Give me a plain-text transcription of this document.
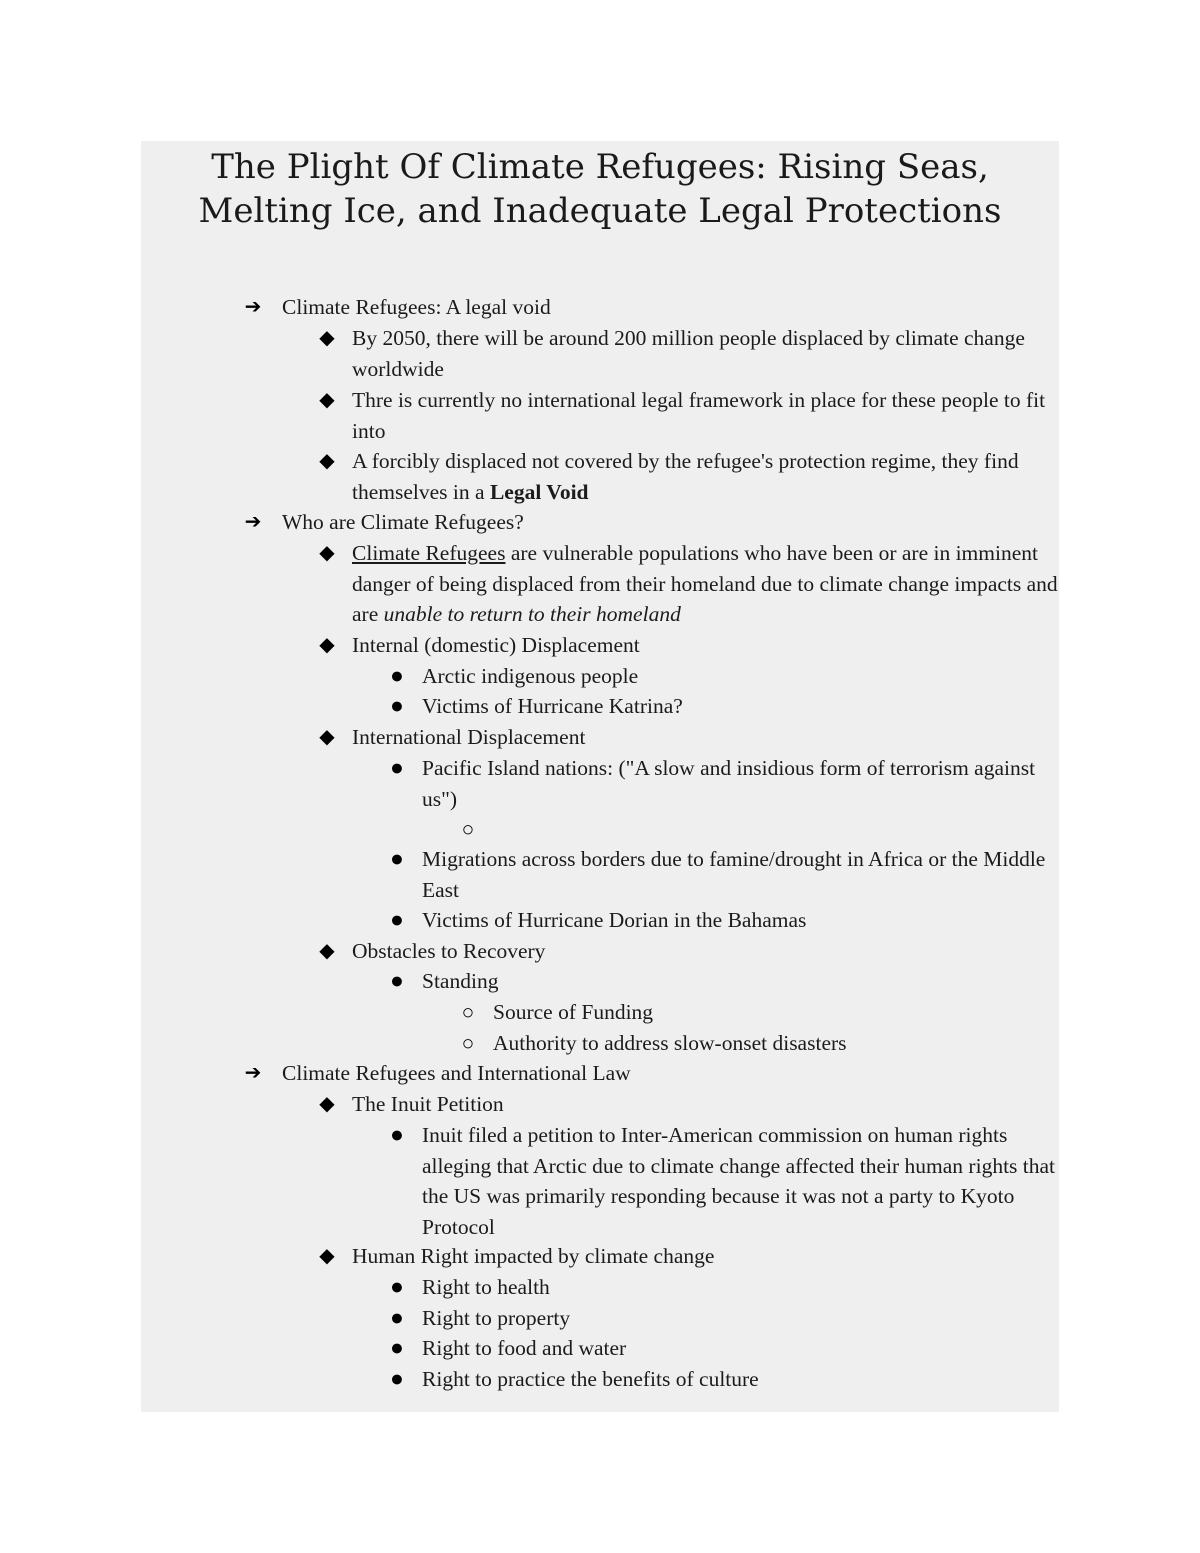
The Plight Of Climate Refugees: Rising Seas, Melting Ice, and Inadequate Legal Protections
➔ Climate Refugees: A legal void
◆ By 2050, there will be around 200 million people displaced by climate change worldwide
◆ Thre is currently no international legal framework in place for these people to fit into
◆ A forcibly displaced not covered by the refugee's protection regime, they find themselves in a Legal Void
➔ Who are Climate Refugees?
◆ Climate Refugees are vulnerable populations who have been or are in imminent danger of being displaced from their homeland due to climate change impacts and are unable to return to their homeland
◆ Internal (domestic) Displacement
● Arctic indigenous people
● Victims of Hurricane Katrina?
◆ International Displacement
● Pacific Island nations: ("A slow and insidious form of terrorism against us")
○
● Migrations across borders due to famine/drought in Africa or the Middle East
● Victims of Hurricane Dorian in the Bahamas
◆ Obstacles to Recovery
● Standing
○ Source of Funding
○ Authority to address slow-onset disasters
➔ Climate Refugees and International Law
◆ The Inuit Petition
● Inuit filed a petition to Inter-American commission on human rights alleging that Arctic due to climate change affected their human rights that the US was primarily responding because it was not a party to Kyoto Protocol
◆ Human Right impacted by climate change
● Right to health
● Right to property
● Right to food and water
● Right to practice the benefits of culture
